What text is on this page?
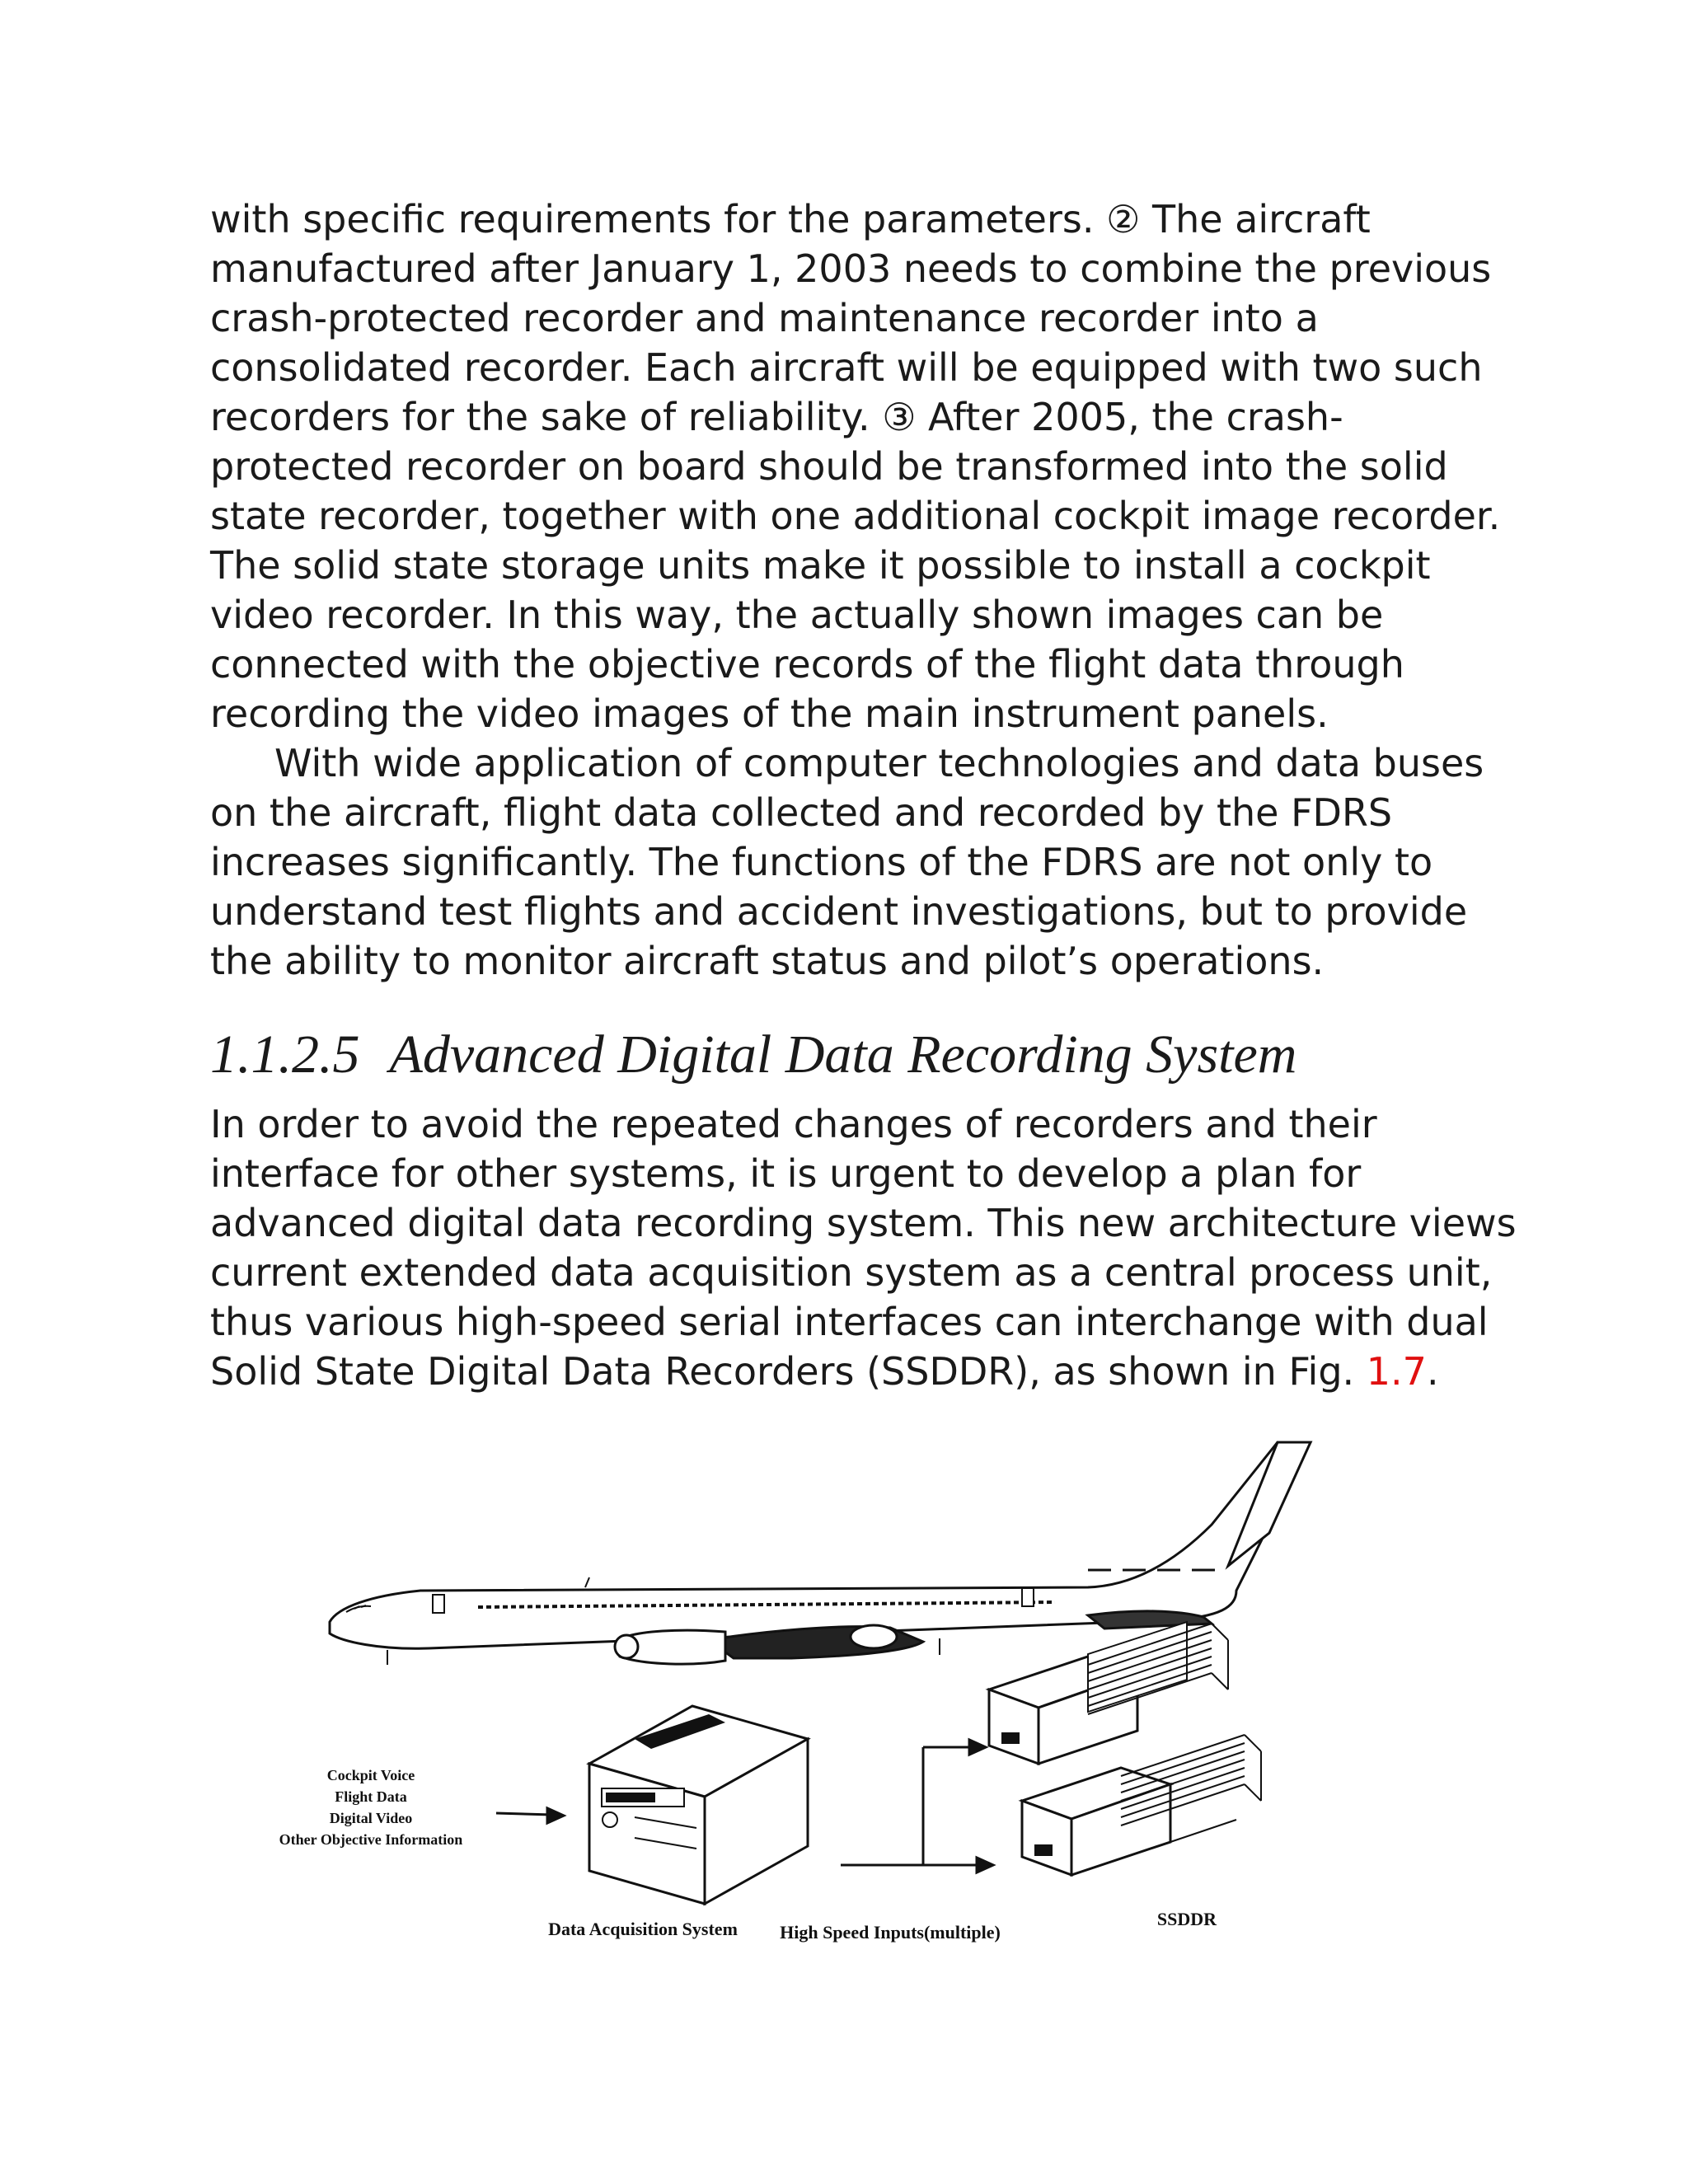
with specific requirements for the parameters. ② The aircraft
manufactured after January 1, 2003 needs to combine the previous
crash-protected recorder and maintenance recorder into a
consolidated recorder. Each aircraft will be equipped with two such
recorders for the sake of reliability. ③ After 2005, the crash-
protected recorder on board should be transformed into the solid
state recorder, together with one additional cockpit image recorder.
The solid state storage units make it possible to install a cockpit
video recorder. In this way, the actually shown images can be
connected with the objective records of the flight data through
recording the video images of the main instrument panels.
With wide application of computer technologies and data buses
on the aircraft, flight data collected and recorded by the FDRS
increases significantly. The functions of the FDRS are not only to
understand test flights and accident investigations, but to provide
the ability to monitor aircraft status and pilot’s operations.
1.1.2.5 Advanced Digital Data Recording System
In order to avoid the repeated changes of recorders and their
interface for other systems, it is urgent to develop a plan for
advanced digital data recording system. This new architecture views
current extended data acquisition system as a central process unit,
thus various high-speed serial interfaces can interchange with dual
Solid State Digital Data Recorders (SSDDR), as shown in Fig. 1.7.
Cockpit Voice
Flight Data
Digital Video
Other Objective Information
Data Acquisition System High Speed Inputs(multiple)
SSDDR
